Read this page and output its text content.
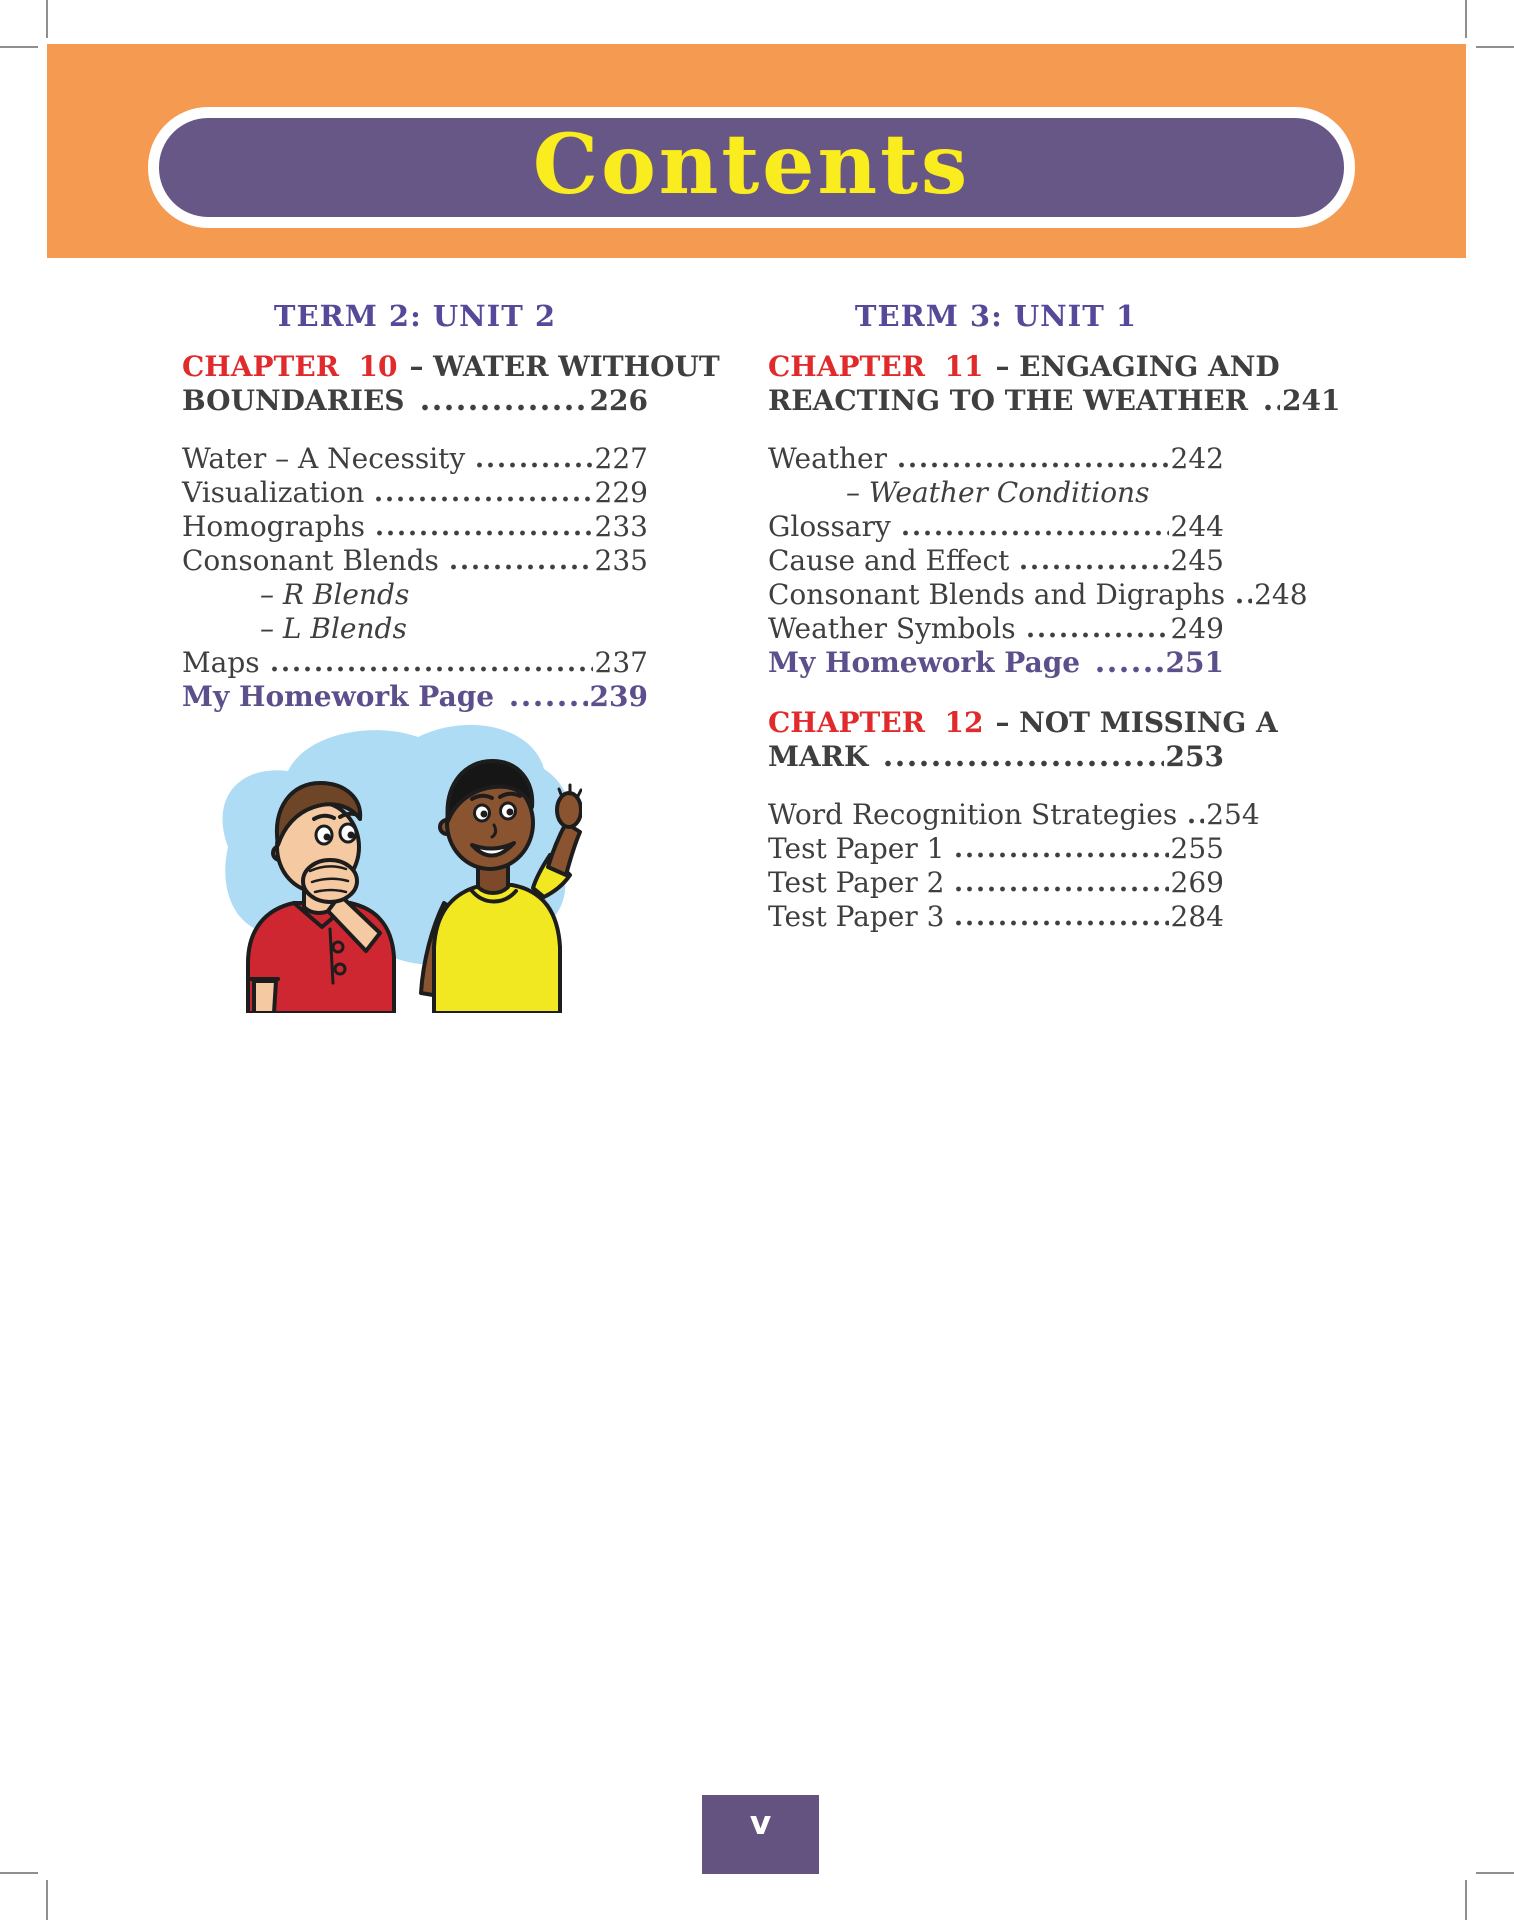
Contents
TERM 2: UNIT 2
CHAPTER  10 – WATER WITHOUT
BOUNDARIES	226
Water – A Necessity	227
Visualization	229
Homographs	233
Consonant Blends	235
– R Blends
– L Blends
Maps	237
My Homework Page	239
TERM 3: UNIT 1
CHAPTER  11 – ENGAGING AND
REACTING TO THE WEATHER 241
Weather	242
– Weather Conditions
Glossary	244
Cause and Effect	245
Consonant Blends and Digraphs 248
Weather Symbols	249
My Homework Page	251
CHAPTER  12 – NOT MISSING A
MARK	253
Word Recognition Strategies 254
Test Paper 1	255
Test Paper 2	269
Test Paper 3	284
v
